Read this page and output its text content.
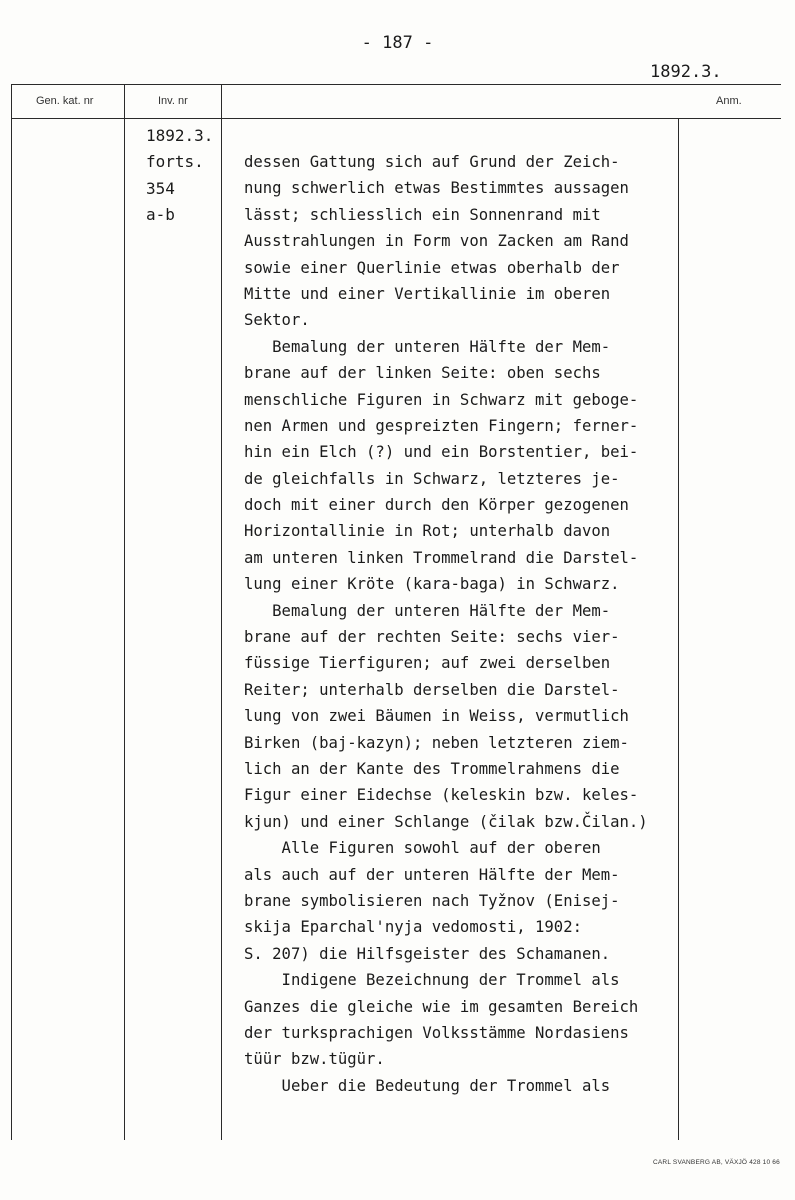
- 187 -
1892.3.
Gen. kat. nr	Inv. nr	Anm.
1892.3.
forts.
354
a-b
dessen Gattung sich auf Grund der Zeich-
nung schwerlich etwas Bestimmtes aussagen
lässt; schliesslich ein Sonnenrand mit
Ausstrahlungen in Form von Zacken am Rand
sowie einer Querlinie etwas oberhalb der
Mitte und einer Vertikallinie im oberen
Sektor.
Bemalung der unteren Hälfte der Mem-
brane auf der linken Seite: oben sechs
menschliche Figuren in Schwarz mit geboge-
nen Armen und gespreizten Fingern; ferner-
hin ein Elch (?) und ein Borstentier, bei-
de gleichfalls in Schwarz, letzteres je-
doch mit einer durch den Körper gezogenen
Horizontallinie in Rot; unterhalb davon
am unteren linken Trommelrand die Darstel-
lung einer Kröte (kara-baga) in Schwarz.
Bemalung der unteren Hälfte der Mem-
brane auf der rechten Seite: sechs vier-
füssige Tierfiguren; auf zwei derselben
Reiter; unterhalb derselben die Darstel-
lung von zwei Bäumen in Weiss, vermutlich
Birken (baj-kazyn); neben letzteren ziem-
lich an der Kante des Trommelrahmens die
Figur einer Eidechse (keleskin bzw. keles-
kjun) und einer Schlange (čilak bzw.Čilan.)
Alle Figuren sowohl auf der oberen
als auch auf der unteren Hälfte der Mem-
brane symbolisieren nach Tyžnov (Enisej-
skija Eparchal'nyja vedomosti, 1902:
S. 207) die Hilfsgeister des Schamanen.
Indigene Bezeichnung der Trommel als
Ganzes die gleiche wie im gesamten Bereich
der turksprachigen Volksstämme Nordasiens
tüür bzw.tügür.
Ueber die Bedeutung der Trommel als
CARL SVANBERG AB, VÄXJÖ 428 10 66
